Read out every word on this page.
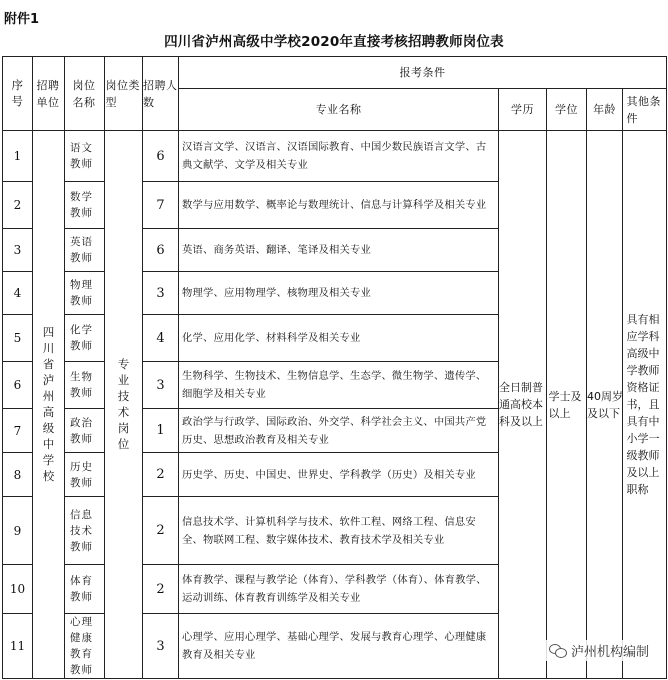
附件1
四川省泸州高级中学校2020年直接考核招聘教师岗位表
序号	招聘单位	岗位名称	岗位类型	招聘人数	报考条件				
					专业名称	学历	学位	年龄	其他条件
1	四川省泸州高级中学校	语文教师	专业技术岗位	6	汉语言文学、汉语言、汉语国际教育、中国少数民族语言文学、古典文献学、文学及相关专业	全日制普通高校本科及以上	学士及以上	40周岁及以下	具有相应学科高级中学教师资格证书，且具有中小学一级教师及以上职称
2		数学教师		7	数学与应用数学、概率论与数理统计、信息与计算科学及相关专业				
3		英语教师		6	英语、商务英语、翻译、笔译及相关专业				
4		物理教师		3	物理学、应用物理学、核物理及相关专业				
5		化学教师		4	化学、应用化学、材料科学及相关专业				
6		生物教师		3	生物科学、生物技术、生物信息学、生态学、微生物学、遗传学、细胞学及相关专业				
7		政治教师		1	政治学与行政学、国际政治、外交学、科学社会主义、中国共产党历史、思想政治教育及相关专业				
8		历史教师		2	历史学、历史、中国史、世界史、学科教学（历史）及相关专业				
9		信息技术教师		2	信息技术学、计算机科学与技术、软件工程、网络工程、信息安全、物联网工程、数字媒体技术、教育技术学及相关专业				
10		体育教师		2	体育教学、课程与教学论（体育）、学科教学（体育）、体育教学、运动训练、体育教育训练学及相关专业				
11		心理健康教育教师		3	心理学、应用心理学、基础心理学、发展与教育心理学、心理健康教育及相关专业					泸州机构编制
